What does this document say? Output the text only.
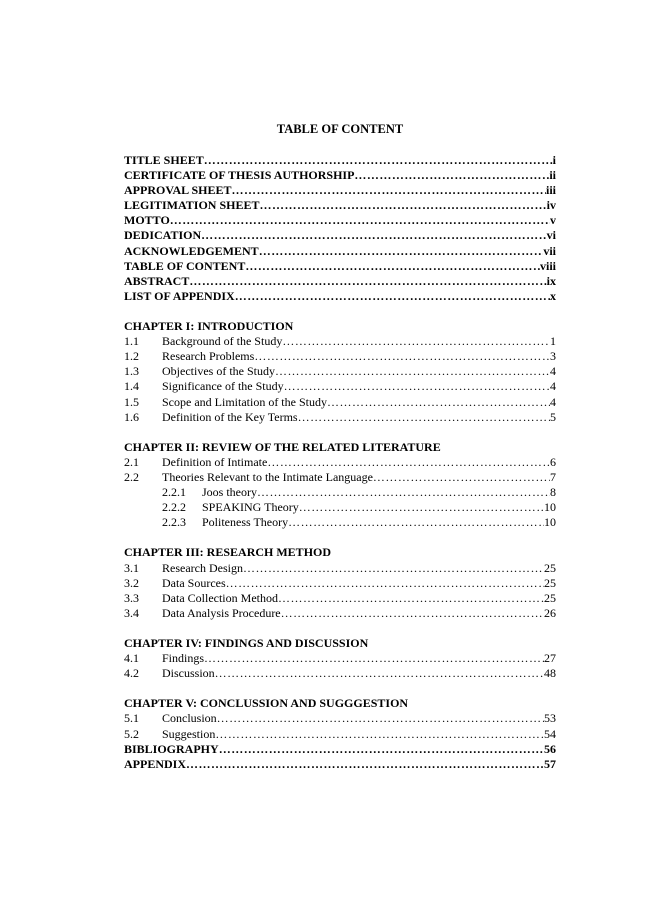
TABLE OF CONTENT
TITLE SHEET …………………………………………………………………………………………………………………………………………………………………………	i
CERTIFICATE OF THESIS AUTHORSHIP …………………………………………………………………………………………………………………………………………………………………………	ii
APPROVAL SHEET …………………………………………………………………………………………………………………………………………………………………………	iii
LEGITIMATION SHEET …………………………………………………………………………………………………………………………………………………………………………	iv
MOTTO …………………………………………………………………………………………………………………………………………………………………………	v
DEDICATION …………………………………………………………………………………………………………………………………………………………………………	vi
ACKNOWLEDGEMENT …………………………………………………………………………………………………………………………………………………………………………	vii
TABLE OF CONTENT …………………………………………………………………………………………………………………………………………………………………………	viii
ABSTRACT …………………………………………………………………………………………………………………………………………………………………………	ix
LIST OF APPENDIX …………………………………………………………………………………………………………………………………………………………………………	x
CHAPTER I: INTRODUCTION
1.1	Background of the Study …………………………………………………………………………………………………………………………………………………………………………	1
1.2	Research Problems …………………………………………………………………………………………………………………………………………………………………………	3
1.3	Objectives of the Study …………………………………………………………………………………………………………………………………………………………………………	4
1.4	Significance of the Study …………………………………………………………………………………………………………………………………………………………………………	4
1.5	Scope and Limitation of the Study …………………………………………………………………………………………………………………………………………………………………………	4
1.6	Definition of the Key Terms …………………………………………………………………………………………………………………………………………………………………………	5
CHAPTER II: REVIEW OF THE RELATED LITERATURE
2.1	Definition of Intimate …………………………………………………………………………………………………………………………………………………………………………	6
2.2	Theories Relevant to the Intimate Language …………………………………………………………………………………………………………………………………………………………………………	7
2.2.1	Joos theory …………………………………………………………………………………………………………………………………………………………………………	8
2.2.2	SPEAKING Theory …………………………………………………………………………………………………………………………………………………………………………	10
2.2.3	Politeness Theory …………………………………………………………………………………………………………………………………………………………………………	10
CHAPTER III: RESEARCH METHOD
3.1	Research Design …………………………………………………………………………………………………………………………………………………………………………	25
3.2	Data Sources …………………………………………………………………………………………………………………………………………………………………………	25
3.3	Data Collection Method …………………………………………………………………………………………………………………………………………………………………………	25
3.4	Data Analysis Procedure …………………………………………………………………………………………………………………………………………………………………………	26
CHAPTER IV: FINDINGS AND DISCUSSION
4.1	Findings …………………………………………………………………………………………………………………………………………………………………………	27
4.2	Discussion …………………………………………………………………………………………………………………………………………………………………………	48
CHAPTER V: CONCLUSSION AND SUGGGESTION
5.1	Conclusion …………………………………………………………………………………………………………………………………………………………………………	53
5.2	Suggestion …………………………………………………………………………………………………………………………………………………………………………	54
BIBLIOGRAPHY …………………………………………………………………………………………………………………………………………………………………………	56
APPENDIX …………………………………………………………………………………………………………………………………………………………………………	57
